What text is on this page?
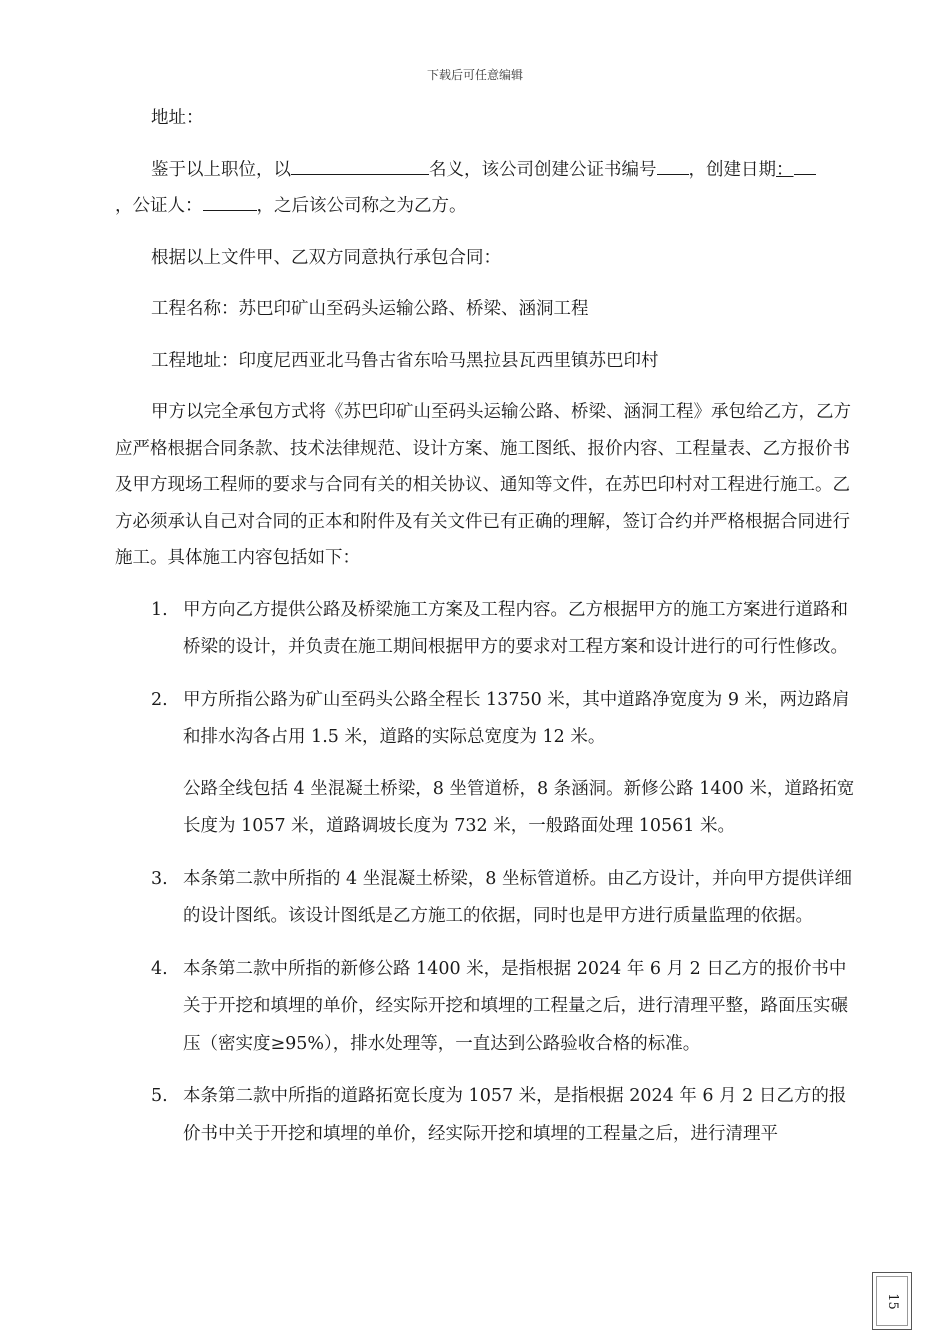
下载后可任意编辑

地址：

鉴于以上职位，以	名义，该公司创建公证书编号 ，创建日期：
，公证人：	，之后该公司称之为乙方。

根据以上文件甲、乙双方同意执行承包合同：

工程名称：苏巴印矿山至码头运输公路、桥梁、涵洞工程

工程地址：印度尼西亚北马鲁古省东哈马黑拉县瓦西里镇苏巴印村

甲方以完全承包方式将《苏巴印矿山至码头运输公路、桥梁、涵洞工程》承包给乙方，乙方应严格根据合同条款、技术法律规范、设计方案、施工图纸、报价内容、工程量表、乙方报价书及甲方现场工程师的要求与合同有关的相关协议、通知等文件，在苏巴印村对工程进行施工。乙方必须承认自己对合同的正本和附件及有关文件已有正确的理解，签订合约并严格根据合同进行施工。具体施工内容包括如下：

1. 甲方向乙方提供公路及桥梁施工方案及工程内容。乙方根据甲方的施工方案进行道路和桥梁的设计，并负责在施工期间根据甲方的要求对工程方案和设计进行的可行性修改。

2. 甲方所指公路为矿山至码头公路全程长 13750 米，其中道路净宽度为 9 米，两边路肩和排水沟各占用 1.5 米，道路的实际总宽度为 12 米。

公路全线包括 4 坐混凝土桥梁，8 坐管道桥，8 条涵洞。新修公路 1400 米，道路拓宽长度为 1057 米，道路调坡长度为 732 米，一般路面处理 10561 米。

3. 本条第二款中所指的 4 坐混凝土桥梁，8 坐标管道桥。由乙方设计，并向甲方提供详细的设计图纸。该设计图纸是乙方施工的依据，同时也是甲方进行质量监理的依据。

4. 本条第二款中所指的新修公路 1400 米，是指根据 2024 年 6 月 2 日乙方的报价书中关于开挖和填埋的单价，经实际开挖和填埋的工程量之后，进行清理平整，路面压实碾压（密实度≥95%），排水处理等，一直达到公路验收合格的标准。

5. 本条第二款中所指的道路拓宽长度为 1057 米，是指根据 2024 年 6 月 2 日乙方的报价书中关于开挖和填埋的单价，经实际开挖和填埋的工程量之后，进行清理平

15
